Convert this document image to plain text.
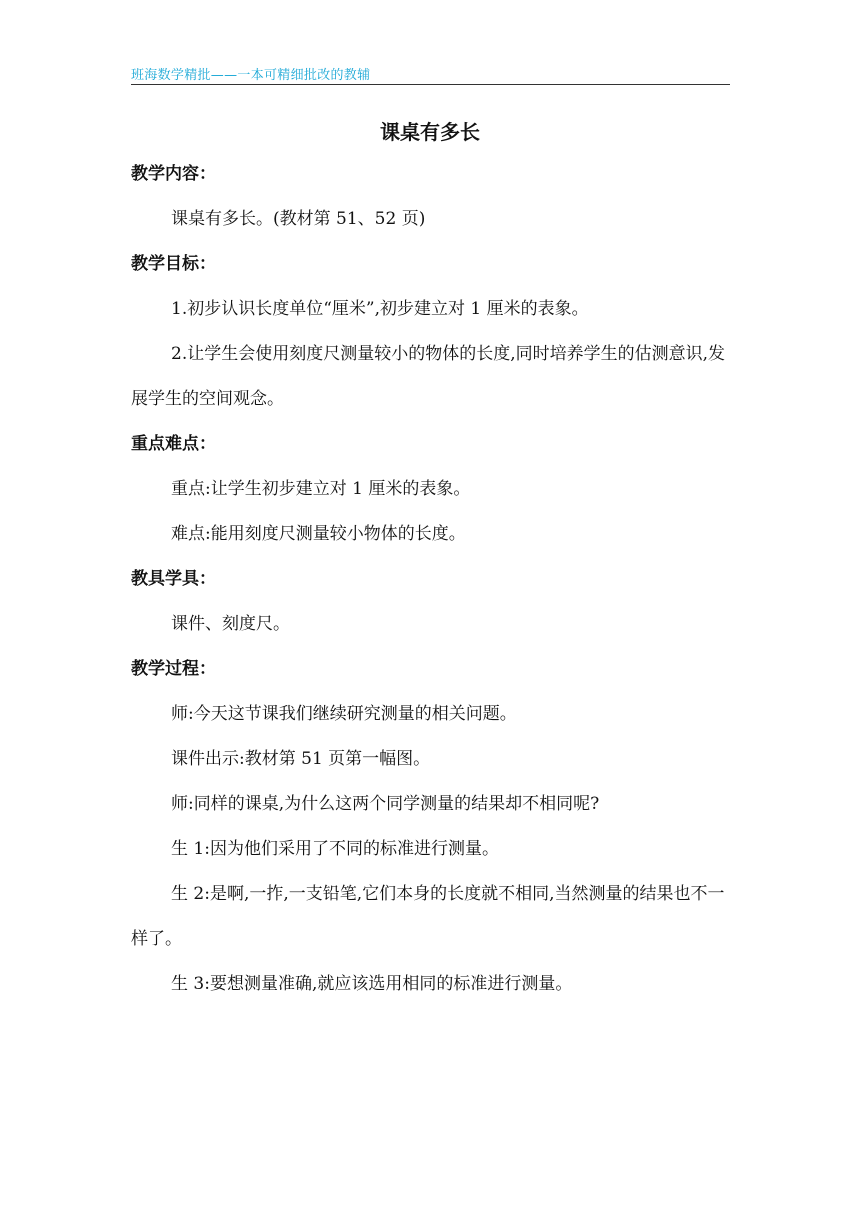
班海数学精批——一本可精细批改的教辅
课桌有多长
教学内容：
课桌有多长。(教材第 51、52 页)
教学目标：
1.初步认识长度单位“厘米”,初步建立对 1 厘米的表象。
2.让学生会使用刻度尺测量较小的物体的长度,同时培养学生的估测意识,发展学生的空间观念。
重点难点：
重点:让学生初步建立对 1 厘米的表象。
难点:能用刻度尺测量较小物体的长度。
教具学具：
课件、刻度尺。
教学过程：
师:今天这节课我们继续研究测量的相关问题。
课件出示:教材第 51 页第一幅图。
师:同样的课桌,为什么这两个同学测量的结果却不相同呢?
生 1:因为他们采用了不同的标准进行测量。
生 2:是啊,一拃,一支铅笔,它们本身的长度就不相同,当然测量的结果也不一样了。
生 3:要想测量准确,就应该选用相同的标准进行测量。
